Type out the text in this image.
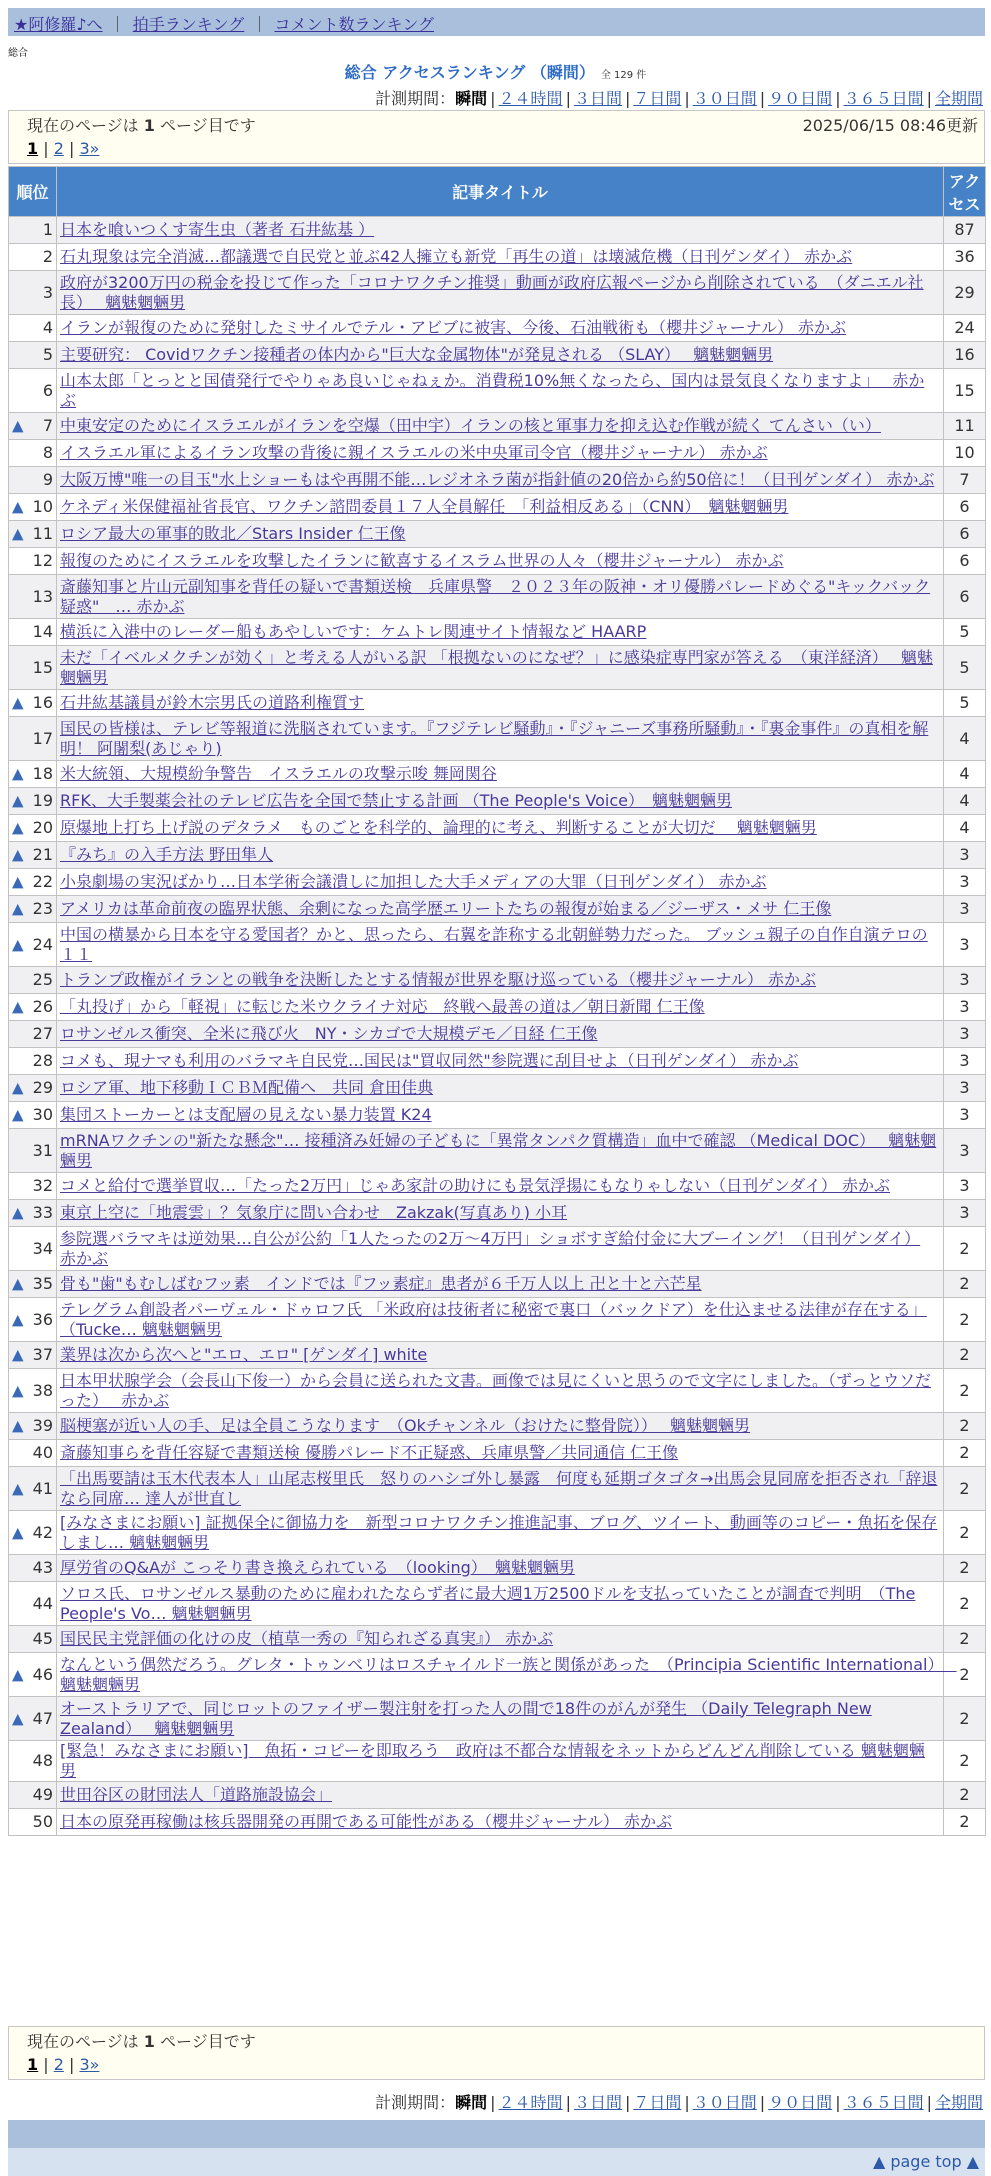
★阿修羅♪へ ｜ 拍手ランキング ｜ コメント数ランキング
総合
総合 アクセスランキング （瞬間） 全 129 件
計測期間：瞬間 | ２４時間 | ３日間 | ７日間 | ３０日間 | ９０日間 | ３６５日間 | 全期間
現在のページは 1 ページ目です	2025/06/15 08:46更新
1 | 2 | 3»
順位	記事タイトル	アクセス
1	日本を喰いつくす寄生虫（著者 石井紘基 ）	87
2	石丸現象は完全消滅…都議選で自民党と並ぶ42人擁立も新党「再生の道」は壊滅危機（日刊ゲンダイ） 赤かぶ	36
3	政府が3200万円の税金を投じて作った「コロナワクチン推奨」動画が政府広報ページから削除されている　（ダニエル社長）　 魑魅魍魎男	29
4	イランが報復のために発射したミサイルでテル・アビブに被害、今後、石油戦術も（櫻井ジャーナル） 赤かぶ	24
5	主要研究： Covidワクチン接種者の体内から"巨大な金属物体"が発見される （SLAY）　 魑魅魍魎男	16
6	山本太郎「とっとと国債発行でやりゃあ良いじゃねぇか。消費税10%無くなったら、国内は景気良くなりますよ」　 赤かぶ	15

▲ 7	中東安定のためにイスラエルがイランを空爆（田中宇）イランの核と軍事力を抑え込む作戦が続く てんさい（い）	11
8	イスラエル軍によるイラン攻撃の背後に親イスラエルの米中央軍司令官（櫻井ジャーナル） 赤かぶ	10
9	大阪万博"唯一の目玉"水上ショーもはや再開不能…レジオネラ菌が指針値の20倍から約50倍に！（日刊ゲンダイ） 赤かぶ	7

▲ 10	ケネディ米保健福祉省長官、ワクチン諮問委員１７人全員解任　「利益相反ある」（CNN）　魑魅魍魎男	6

▲ 11	ロシア最大の軍事的敗北／Stars Insider 仁王像	6
12	報復のためにイスラエルを攻撃したイランに歓喜するイスラム世界の人々（櫻井ジャーナル） 赤かぶ	6
13	斎藤知事と片山元副知事を背任の疑いで書類送検　兵庫県警　２０２３年の阪神・オリ優勝パレードめぐる"キックバック疑惑"　… 赤かぶ	6
14	横浜に入港中のレーダー船もあやしいです：ケムトレ関連サイト情報など HAARP	5
15	未だ「イベルメクチンが効く」と考える人がいる訳 「根拠ないのになぜ？」に感染症専門家が答える　（東洋経済）　 魑魅魍魎男	5

▲ 16	石井紘基議員が鈴木宗男氏の道路利権質す	5
17	国民の皆様は、テレビ等報道に洗脳されています。『フジテレビ騒動』・『ジャニーズ事務所騒動』・『裏金事件』の真相を解明！ 阿闍梨(あじゃり)	4

▲ 18	米大統領、大規模紛争警告　イスラエルの攻撃示唆 舞岡関谷	4

▲ 19	RFK、大手製薬会社のテレビ広告を全国で禁止する計画 （The People's Voice）　魑魅魍魎男	4

▲ 20	原爆地上打ち上げ説のデタラメ　ものごとを科学的、論理的に考え、判断することが大切だ　 魑魅魍魎男	4

▲ 21	『みち』の入手方法 野田隼人	3

▲ 22	小泉劇場の実況ばかり…日本学術会議潰しに加担した大手メディアの大罪（日刊ゲンダイ） 赤かぶ	3

▲ 23	アメリカは革命前夜の臨界状態、余剰になった高学歴エリートたちの報復が始まる／ジーザス・メサ 仁王像	3

▲ 24	中国の横暴から日本を守る愛国者？かと、思ったら、右翼を詐称する北朝鮮勢力だった。 ブッシュ親子の自作自演テロの１１	3
25	トランプ政権がイランとの戦争を決断したとする情報が世界を駆け巡っている（櫻井ジャーナル） 赤かぶ	3

▲ 26	「丸投げ」から「軽視」に転じた米ウクライナ対応　終戦へ最善の道は／朝日新聞 仁王像	3
27	ロサンゼルス衝突、全米に飛び火　NY・シカゴで大規模デモ／日経 仁王像	3
28	コメも、現ナマも利用のバラマキ自民党…国民は"買収同然"参院選に刮目せよ（日刊ゲンダイ） 赤かぶ	3

▲ 29	ロシア軍、地下移動ＩＣＢＭ配備へ　共同 倉田佳典	3

▲ 30	集団ストーカーとは支配層の見えない暴力装置 K24	3
31	mRNAワクチンの"新たな懸念"… 接種済み妊婦の子どもに「異常タンパク質構造」血中で確認 （Medical DOC）　 魑魅魍魎男	3
32	コメと給付で選挙買収…「たった2万円」じゃあ家計の助けにも景気浮揚にもなりゃしない（日刊ゲンダイ） 赤かぶ	3

▲ 33	東京上空に「地震雲」？気象庁に問い合わせ　Zakzak(写真あり) 小耳	3
34	参院選バラマキは逆効果…自公が公約「1人たったの2万～4万円」ショボすぎ給付金に大ブーイング！（日刊ゲンダイ） 赤かぶ	2

▲ 35	骨も"歯"もむしばむフッ素　インドでは『フッ素症』患者が６千万人以上 卍と十と六芒星	2

▲ 36	テレグラム創設者パーヴェル・ドゥロフ氏 「米政府は技術者に秘密で裏口（バックドア）を仕込ませる法律が存在する」（Tucke… 魑魅魍魎男	2

▲ 37	業界は次から次へと"エロ、エロ" [ゲンダイ] white	2

▲ 38	日本甲状腺学会（会長山下俊一）から会員に送られた文書。画像では見にくいと思うので文字にしました。（ずっとウソだった）　 赤かぶ	2

▲ 39	脳梗塞が近い人の手、足は全員こうなります　（Okチャンネル（おけたに整骨院））　 魑魅魍魎男	2
40	斎藤知事らを背任容疑で書類送検 優勝パレード不正疑惑、兵庫県警／共同通信 仁王像	2

▲ 41	「出馬要請は玉木代表本人」山尾志桜里氏　怒りのハシゴ外し暴露　何度も延期ゴタゴタ→出馬会見同席を拒否され「辞退なら同席… 達人が世直し	2

▲ 42	[みなさまにお願い] 証拠保全に御協力を　新型コロナワクチン推進記事、ブログ、ツイート、動画等のコピー・魚拓を保存しまし… 魑魅魍魎男	2
43	厚労省のQ&Aが こっそり書き換えられている　（looking）　魑魅魍魎男	2
44	ソロス氏、ロサンゼルス暴動のために雇われたならず者に最大週1万2500ドルを支払っていたことが調査で判明　（The People's Vo… 魑魅魍魎男	2
45	国民民主党評価の化けの皮（植草一秀の『知られざる真実』） 赤かぶ	2

▲ 46	なんという偶然だろう。グレタ・トゥンベリはロスチャイルド一族と関係があった　（Principia Scientific International）　 魑魅魍魎男	2

▲ 47	オーストラリアで、同じロットのファイザー製注射を打った人の間で18件のがんが発生 （Daily Telegraph New Zealand）　 魑魅魍魎男	2
48	[緊急！みなさまにお願い]　魚拓・コピーを即取ろう　政府は不都合な情報をネットからどんどん削除している 魑魅魍魎男	2
49	世田谷区の財団法人「道路施設協会」	2
50	日本の原発再稼働は核兵器開発の再開である可能性がある（櫻井ジャーナル） 赤かぶ	2
現在のページは 1 ページ目です
1 | 2 | 3»
計測期間：瞬間 | ２４時間 | ３日間 | ７日間 | ３０日間 | ９０日間 | ３６５日間 | 全期間
▲ page top ▲
